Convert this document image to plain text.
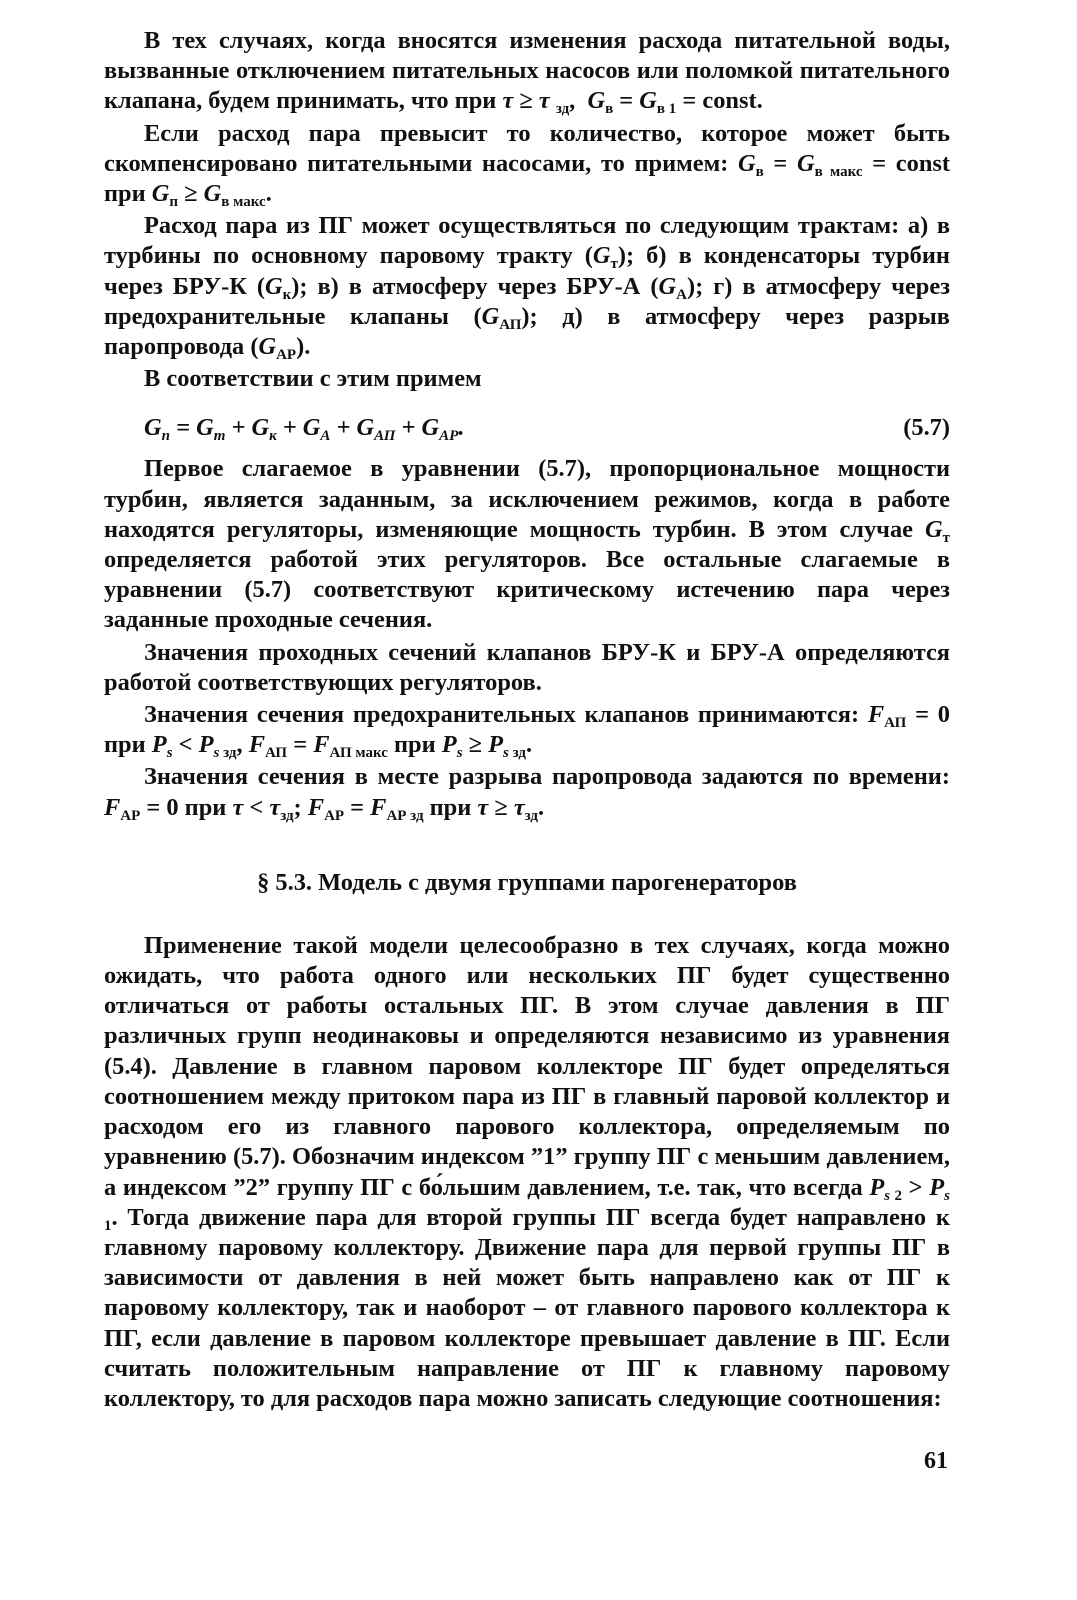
В тех случаях, когда вносятся изменения расхода питательной воды, вызванные отключением питательных насосов или поломкой питательного клапана, будем принимать, что при τ ≥ τ $_{зд}$,  $G_в = G_{в 1}$ = const.

Если расход пара превысит то количество, которое может быть скомпенсировано питательными насосами, то примем: $G_в = G_{в макс}$ = const при $G_п \ge G_{в макс}$.

Расход пара из ПГ может осуществляться по следующим трактам: а) в турбины по основному паровому тракту $(G_т)$; б) в конденсаторы турбин через БРУ-К $(G_к)$; в) в атмосферу через БРУ-А $(G_А)$; г) в атмосферу через предохранительные клапаны $(G_{АП})$; д) в атмосферу через разрыв паропровода $(G_{АР})$.

В соответствии с этим примем

$G_п = G_т + G_к + G_А + G_{АП} + G_{АР}$.	(5.7)

Первое слагаемое в уравнении (5.7), пропорциональное мощности турбин, является заданным, за исключением режимов, когда в работе находятся регуляторы, изменяющие мощность турбин. В этом случае $G_т$ определяется работой этих регуляторов. Все остальные слагаемые в уравнении (5.7) соответствуют критическому истечению пара через заданные проходные сечения.

Значения проходных сечений клапанов БРУ-К и БРУ-А определяются работой соответствующих регуляторов.

Значения сечения предохранительных клапанов принимаются: $F_{АП} = 0$ при $P_s < P_{s зд}$, $F_{АП} = F_{АП макс}$ при $P_s \ge P_{s зд}$.

Значения сечения в месте разрыва паропровода задаются по времени: $F_{АР} = 0$ при $\tau < \tau_{зд}$; $F_{АР} = F_{АР зд}$ при $\tau \ge \tau_{зд}$.

§ 5.3. Модель с двумя группами парогенераторов

Применение такой модели целесообразно в тех случаях, когда можно ожидать, что работа одного или нескольких ПГ будет существенно отличаться от работы остальных ПГ. В этом случае давления в ПГ различных групп неодинаковы и определяются независимо из уравнения (5.4). Давление в главном паровом коллекторе ПГ будет определяться соотношением между притоком пара из ПГ в главный паровой коллектор и расходом его из главного парового коллектора, определяемым по уравнению (5.7). Обозначим индексом ”1” группу ПГ с меньшим давлением, а индексом ”2” группу ПГ с бо́льшим давлением, т.е. так, что всегда $P_{s 2} > P_{s 1}$. Тогда движение пара для второй группы ПГ всегда будет направлено к главному паровому коллектору. Движение пара для первой группы ПГ в зависимости от давления в ней может быть направлено как от ПГ к паровому коллектору, так и наоборот – от главного парового коллектора к ПГ, если давление в паровом коллекторе превышает давление в ПГ. Если считать положительным направление от ПГ к главному паровому коллектору, то для расходов пара можно записать следующие соотношения:

61
